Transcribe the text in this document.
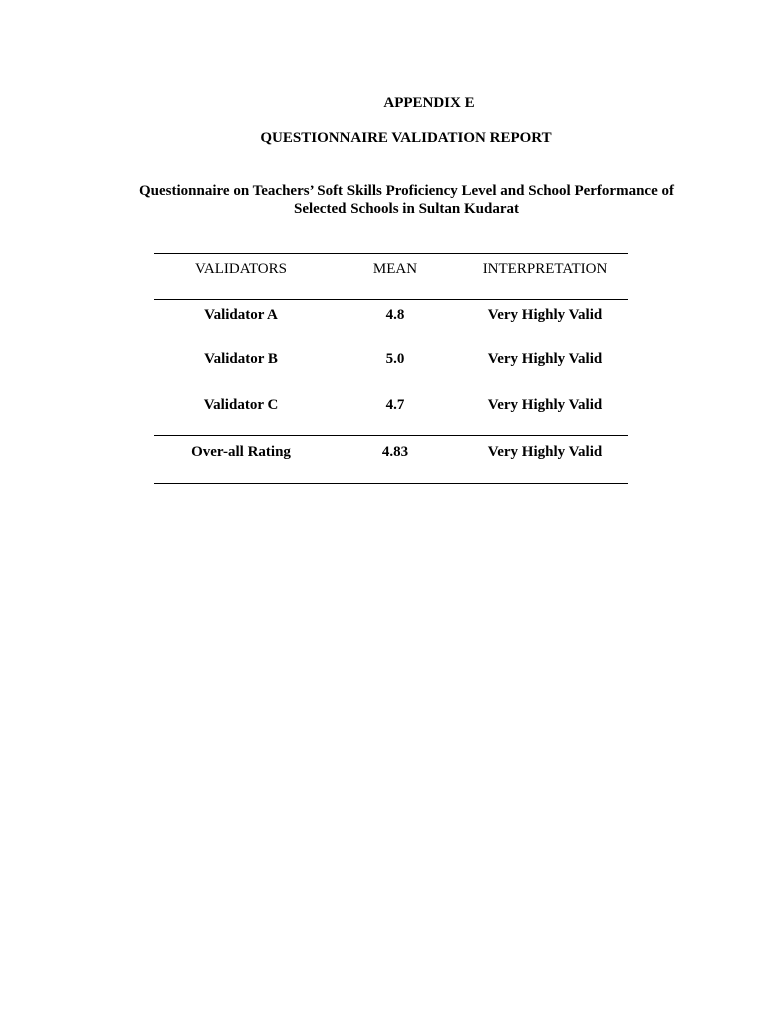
APPENDIX E
QUESTIONNAIRE VALIDATION REPORT
Questionnaire on Teachers’ Soft Skills Proficiency Level and School Performance of
Selected Schools in Sultan Kudarat
VALIDATORS	MEAN	INTERPRETATION
Validator A	4.8	Very Highly Valid
Validator B	5.0	Very Highly Valid
Validator C	4.7	Very Highly Valid
Over-all Rating	4.83	Very Highly Valid
